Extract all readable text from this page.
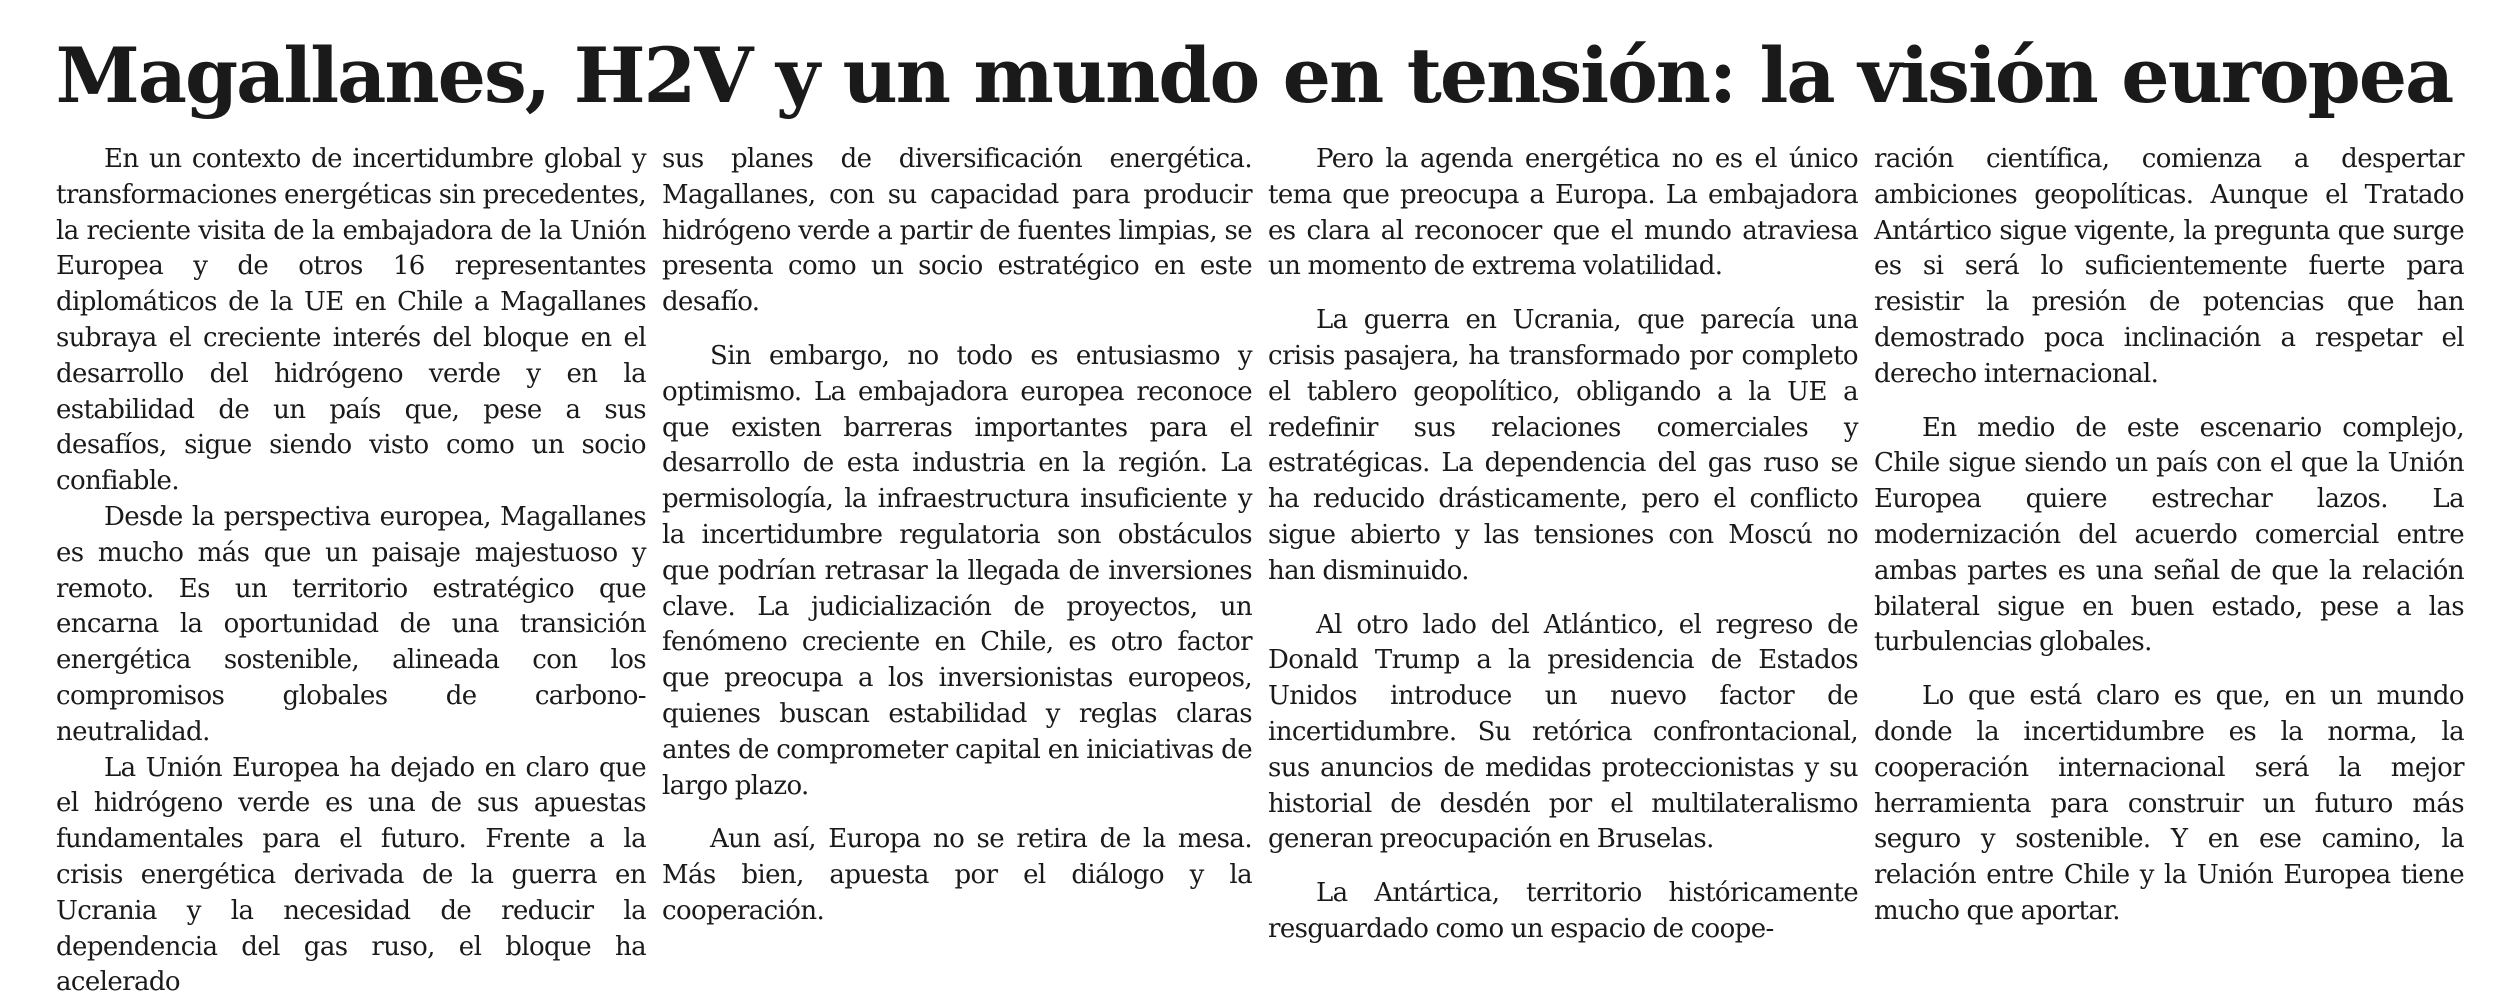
Magallanes, H2V y un mundo en tensión: la visión europea

En un contexto de incertidumbre global y transformaciones energéticas sin precedentes, la reciente visita de la embajadora de la Unión Europea y de otros 16 representantes diplomáticos de la UE en Chile a Magallanes subraya el creciente interés del bloque en el desarrollo del hidrógeno verde y en la estabilidad de un país que, pese a sus desafíos, sigue siendo visto como un socio confiable.

Desde la perspectiva europea, Magallanes es mucho más que un paisaje majestuoso y remoto. Es un territorio estratégico que encarna la oportunidad de una transición energética sostenible, alineada con los compromisos globales de carbono-neutralidad.

La Unión Europea ha dejado en claro que el hidrógeno verde es una de sus apuestas fundamentales para el futuro. Frente a la crisis energética derivada de la guerra en Ucrania y la necesidad de reducir la dependencia del gas ruso, el bloque ha acelerado

sus planes de diversificación energética. Magallanes, con su capacidad para producir hidrógeno verde a partir de fuentes limpias, se presenta como un socio estratégico en este desafío.

Sin embargo, no todo es entusiasmo y optimismo. La embajadora europea reconoce que existen barreras importantes para el desarrollo de esta industria en la región. La permisología, la infraestructura insuficiente y la incertidumbre regulatoria son obstáculos que podrían retrasar la llegada de inversiones clave. La judicialización de proyectos, un fenómeno creciente en Chile, es otro factor que preocupa a los inversionistas europeos, quienes buscan estabilidad y reglas claras antes de comprometer capital en iniciativas de largo plazo.

Aun así, Europa no se retira de la mesa. Más bien, apuesta por el diálogo y la cooperación.

Pero la agenda energética no es el único tema que preocupa a Europa. La embajadora es clara al reconocer que el mundo atraviesa un momento de extrema volatilidad.

La guerra en Ucrania, que parecía una crisis pasajera, ha transformado por completo el tablero geopolítico, obligando a la UE a redefinir sus relaciones comerciales y estratégicas. La dependencia del gas ruso se ha reducido drásticamente, pero el conflicto sigue abierto y las tensiones con Moscú no han disminuido.

Al otro lado del Atlántico, el regreso de Donald Trump a la presidencia de Estados Unidos introduce un nuevo factor de incertidumbre. Su retórica confrontacional, sus anuncios de medidas proteccionistas y su historial de desdén por el multilateralismo generan preocupación en Bruselas.

La Antártica, territorio históricamente resguardado como un espacio de coope-

ración científica, comienza a despertar ambiciones geopolíticas. Aunque el Tratado Antártico sigue vigente, la pregunta que surge es si será lo suficientemente fuerte para resistir la presión de potencias que han demostrado poca inclinación a respetar el derecho internacional.

En medio de este escenario complejo, Chile sigue siendo un país con el que la Unión Europea quiere estrechar lazos. La modernización del acuerdo comercial entre ambas partes es una señal de que la relación bilateral sigue en buen estado, pese a las turbulencias globales.

Lo que está claro es que, en un mundo donde la incertidumbre es la norma, la cooperación internacional será la mejor herramienta para construir un futuro más seguro y sostenible. Y en ese camino, la relación entre Chile y la Unión Europea tiene mucho que aportar.
